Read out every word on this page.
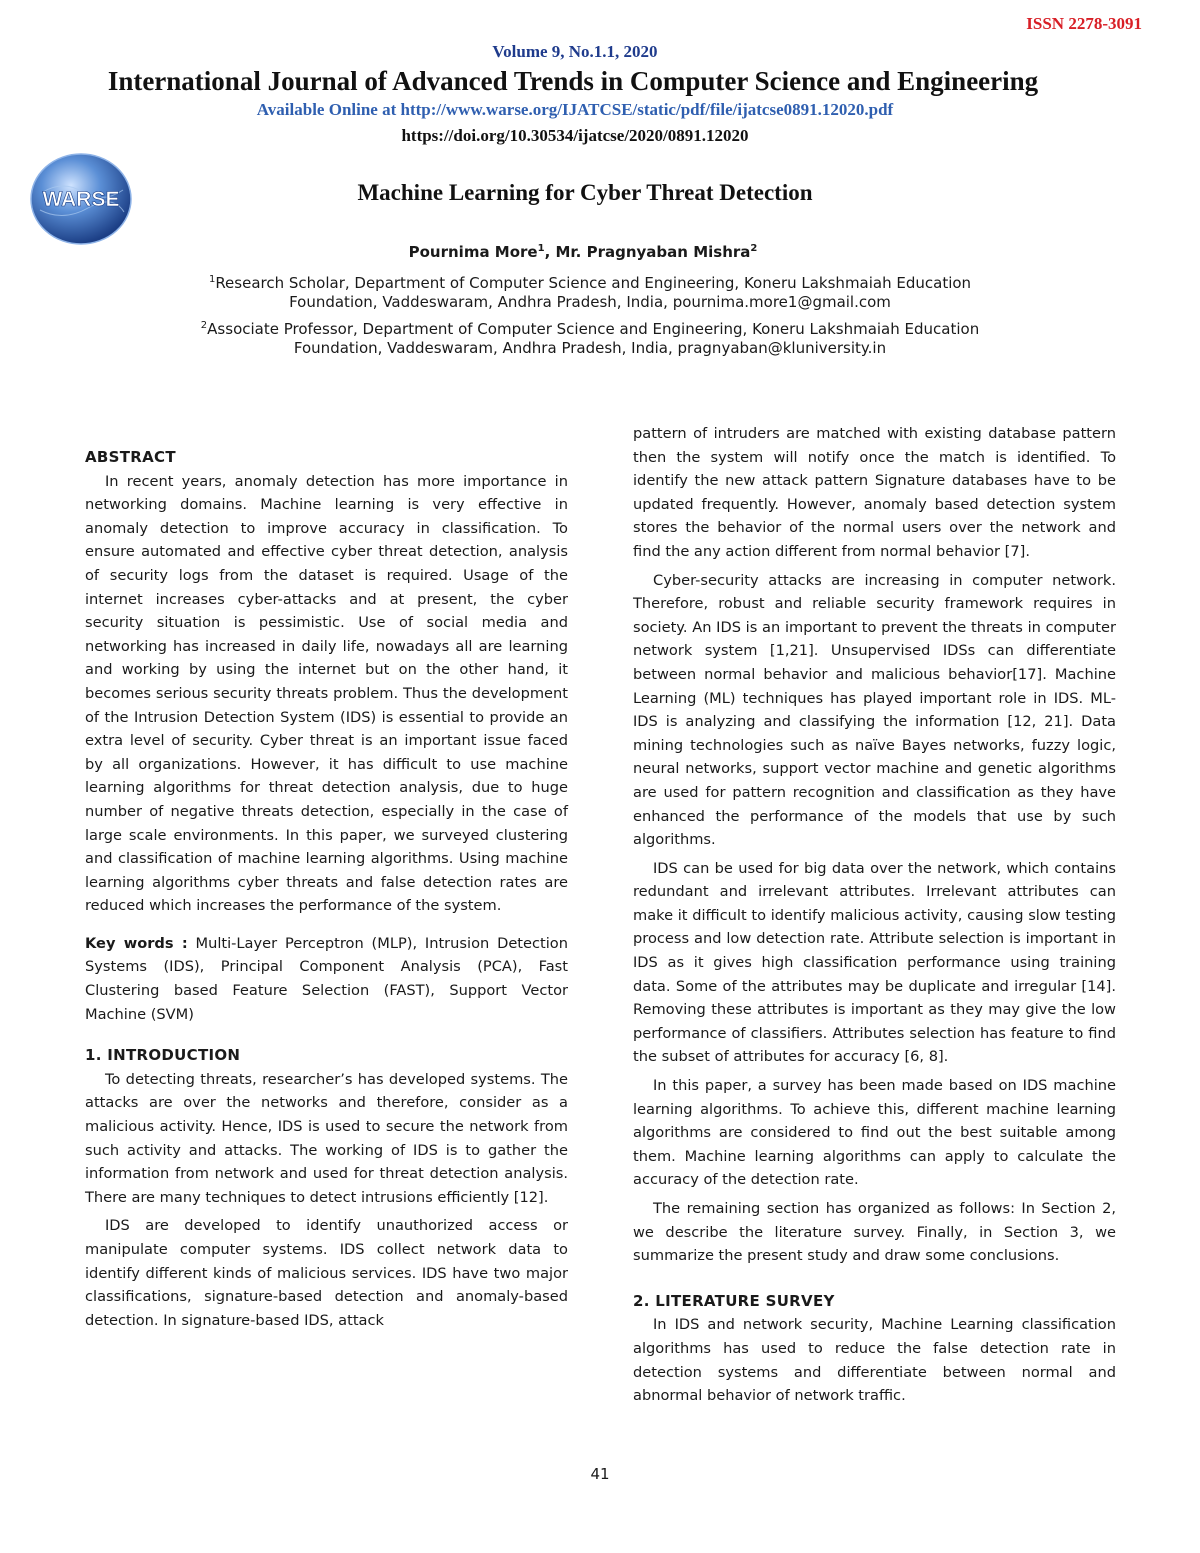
ISSN 2278-3091
Volume 9, No.1.1, 2020
International Journal of Advanced Trends in Computer Science and Engineering
Available Online at http://www.warse.org/IJATCSE/static/pdf/file/ijatcse0891.12020.pdf
https://doi.org/10.30534/ijatcse/2020/0891.12020
WARSE	Machine Learning for Cyber Threat Detection
Pournima More$^1$, Mr. Pragnyaban Mishra$^2$
$^1$Research Scholar, Department of Computer Science and Engineering, Koneru Lakshmaiah Education
Foundation, Vaddeswaram, Andhra Pradesh, India, pournima.more1@gmail.com
$^2$Associate Professor, Department of Computer Science and Engineering, Koneru Lakshmaiah Education
Foundation, Vaddeswaram, Andhra Pradesh, India, pragnyaban@kluniversity.in
ABSTRACT

In recent years, anomaly detection has more importance in networking domains. Machine learning is very effective in anomaly detection to improve accuracy in classification. To ensure automated and effective cyber threat detection, analysis of security logs from the dataset is required. Usage of the internet increases cyber-attacks and at present, the cyber security situation is pessimistic. Use of social media and networking has increased in daily life, nowadays all are learning and working by using the internet but on the other hand, it becomes serious security threats problem. Thus the development of the Intrusion Detection System (IDS) is essential to provide an extra level of security. Cyber threat is an important issue faced by all organizations. However, it has difficult to use machine learning algorithms for threat detection analysis, due to huge number of negative threats detection, especially in the case of large scale environments. In this paper, we surveyed clustering and classification of machine learning algorithms. Using machine learning algorithms cyber threats and false detection rates are reduced which increases the performance of the system.

Key words : Multi-Layer Perceptron (MLP), Intrusion Detection Systems (IDS), Principal Component Analysis (PCA), Fast Clustering based Feature Selection (FAST), Support Vector Machine (SVM)

1. INTRODUCTION

To detecting threats, researcher’s has developed systems. The attacks are over the networks and therefore, consider as a malicious activity. Hence, IDS is used to secure the network from such activity and attacks. The working of IDS is to gather the information from network and used for threat detection analysis. There are many techniques to detect intrusions efficiently [12].

IDS are developed to identify unauthorized access or manipulate computer systems. IDS collect network data to identify different kinds of malicious services. IDS have two major classifications, signature-based detection and anomaly-based detection. In signature-based IDS, attack

pattern of intruders are matched with existing database pattern then the system will notify once the match is identified. To identify the new attack pattern Signature databases have to be updated frequently. However, anomaly based detection system stores the behavior of the normal users over the network and find the any action different from normal behavior [7].

Cyber-security attacks are increasing in computer network. Therefore, robust and reliable security framework requires in society. An IDS is an important to prevent the threats in computer network system [1,21]. Unsupervised IDSs can differentiate between normal behavior and malicious behavior[17]. Machine Learning (ML) techniques has played important role in IDS. ML-IDS is analyzing and classifying the information [12, 21]. Data mining technologies such as naïve Bayes networks, fuzzy logic, neural networks, support vector machine and genetic algorithms are used for pattern recognition and classification as they have enhanced the performance of the models that use by such algorithms.

IDS can be used for big data over the network, which contains redundant and irrelevant attributes. Irrelevant attributes can make it difficult to identify malicious activity, causing slow testing process and low detection rate. Attribute selection is important in IDS as it gives high classification performance using training data. Some of the attributes may be duplicate and irregular [14]. Removing these attributes is important as they may give the low performance of classifiers. Attributes selection has feature to find the subset of attributes for accuracy [6, 8].

In this paper, a survey has been made based on IDS machine learning algorithms. To achieve this, different machine learning algorithms are considered to find out the best suitable among them. Machine learning algorithms can apply to calculate the accuracy of the detection rate.

The remaining section has organized as follows: In Section 2, we describe the literature survey. Finally, in Section 3, we summarize the present study and draw some conclusions.

2. LITERATURE SURVEY

In IDS and network security, Machine Learning classification algorithms has used to reduce the false detection rate in detection systems and differentiate between normal and abnormal behavior of network traffic.

41
